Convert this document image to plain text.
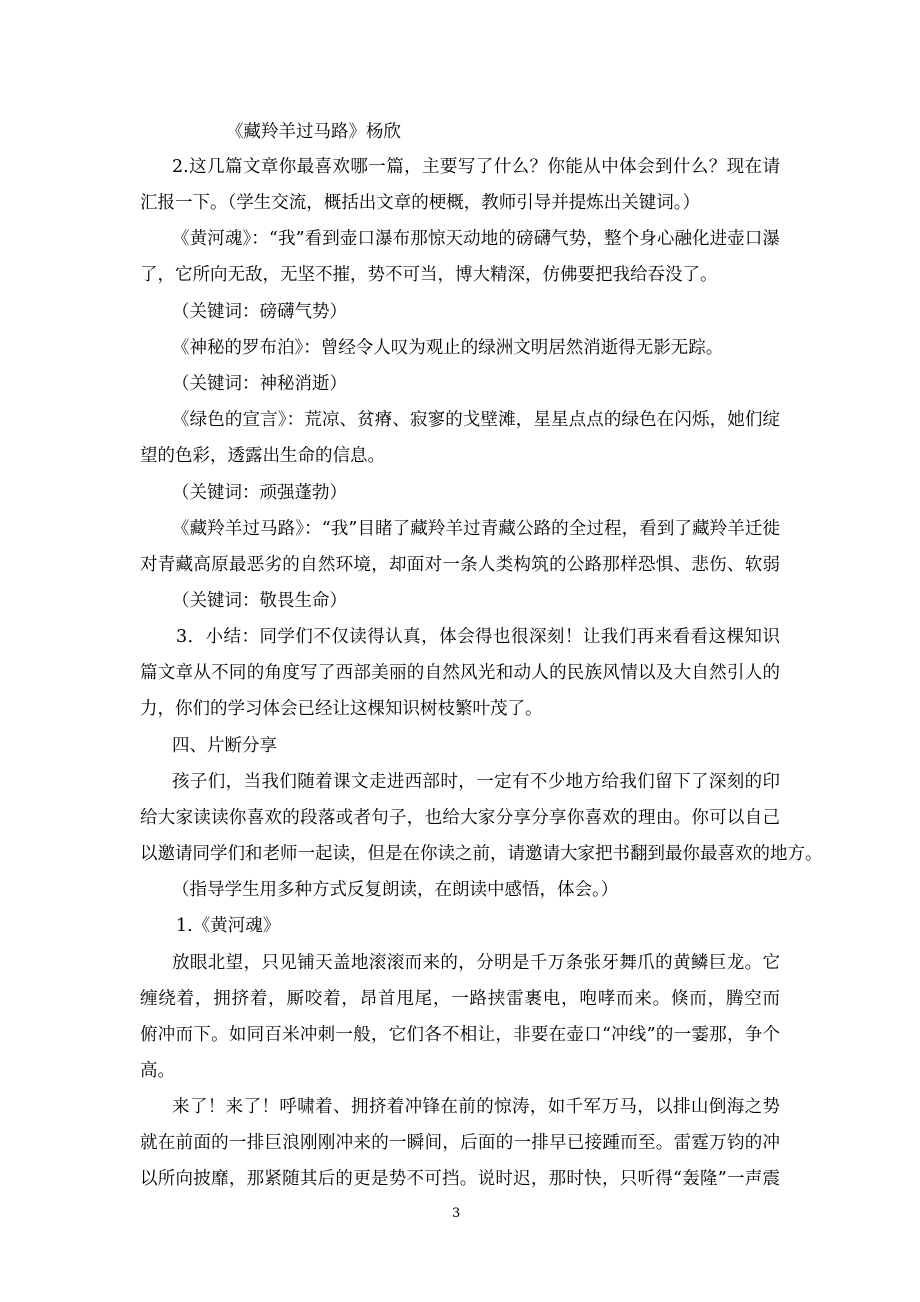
《藏羚羊过马路》杨欣
2.这几篇文章你最喜欢哪一篇，主要写了什么？你能从中体会到什么？现在请
汇报一下。（学生交流，概括出文章的梗概，教师引导并提炼出关键词。）
《黄河魂》：“我”看到壶口瀑布那惊天动地的磅礴气势，整个身心融化进壶口瀑
了，它所向无敌，无坚不摧，势不可当，博大精深，仿佛要把我给吞没了。
（关键词：磅礴气势）
《神秘的罗布泊》：曾经令人叹为观止的绿洲文明居然消逝得无影无踪。
（关键词：神秘消逝）
《绿色的宣言》：荒凉、贫瘠、寂寥的戈壁滩，星星点点的绿色在闪烁，她们绽
望的色彩，透露出生命的信息。
（关键词：顽强蓬勃）
《藏羚羊过马路》：“我”目睹了藏羚羊过青藏公路的全过程，看到了藏羚羊迁徙
对青藏高原最恶劣的自然环境，却面对一条人类构筑的公路那样恐惧、悲伤、软弱
（关键词：敬畏生命）
3．小结：同学们不仅读得认真，体会得也很深刻！让我们再来看看这棵知识
篇文章从不同的角度写了西部美丽的自然风光和动人的民族风情以及大自然引人的
力，你们的学习体会已经让这棵知识树枝繁叶茂了。
四、片断分享
孩子们，当我们随着课文走进西部时，一定有不少地方给我们留下了深刻的印
给大家读读你喜欢的段落或者句子，也给大家分享分享你喜欢的理由。你可以自己
以邀请同学们和老师一起读，但是在你读之前，请邀请大家把书翻到最你最喜欢的地方。
（指导学生用多种方式反复朗读，在朗读中感悟，体会。）
1.《黄河魂》
放眼北望，只见铺天盖地滚滚而来的，分明是千万条张牙舞爪的黄鳞巨龙。它
缠绕着，拥挤着，厮咬着，昂首甩尾，一路挟雷裹电，咆哮而来。倏而，腾空而
俯冲而下。如同百米冲刺一般，它们各不相让，非要在壶口“冲线”的一霎那，争个
高。
来了！来了！呼啸着、拥挤着冲锋在前的惊涛，如千军万马，以排山倒海之势
就在前面的一排巨浪刚刚冲来的一瞬间，后面的一排早已接踵而至。雷霆万钧的冲
以所向披靡，那紧随其后的更是势不可挡。说时迟，那时快，只听得“轰隆”一声震
3
